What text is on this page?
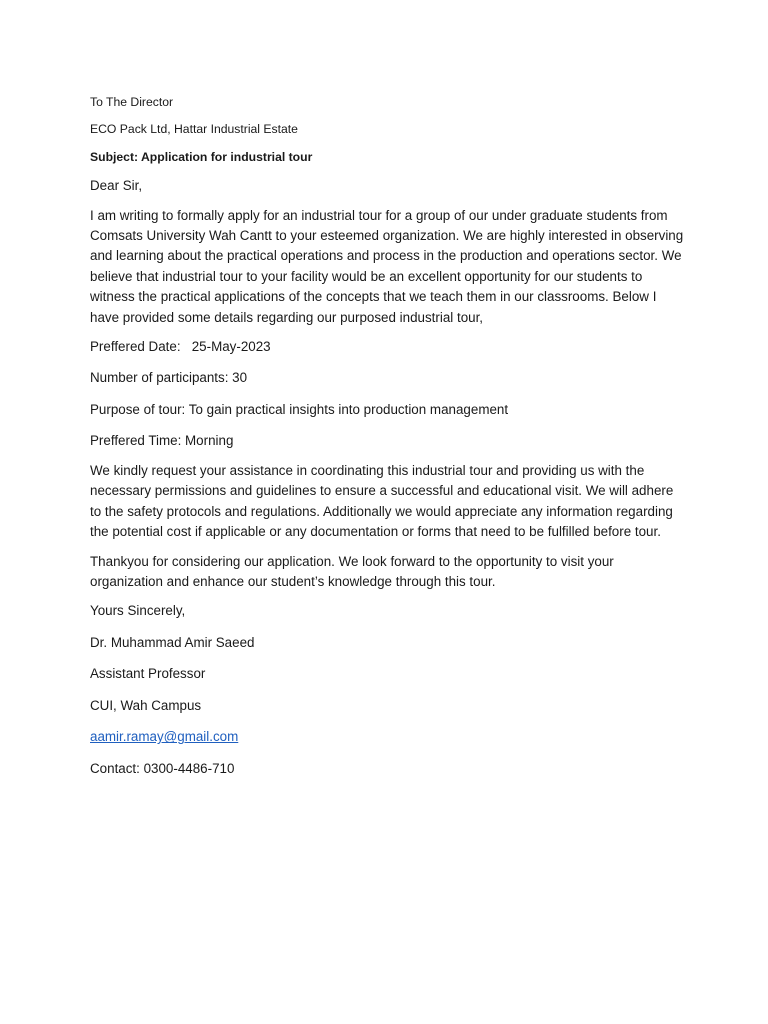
To The Director

ECO Pack Ltd, Hattar Industrial Estate

Subject: Application for industrial tour

Dear Sir,

I am writing to formally apply for an industrial tour for a group of our under graduate students from Comsats University Wah Cantt to your esteemed organization. We are highly interested in observing and learning about the practical operations and process in the production and operations sector. We believe that industrial tour to your facility would be an excellent opportunity for our students to witness the practical applications of the concepts that we teach them in our classrooms. Below I have provided some details regarding our purposed industrial tour,

Preffered Date:   25-May-2023

Number of participants: 30

Purpose of tour: To gain practical insights into production management

Preffered Time: Morning

We kindly request your assistance in coordinating this industrial tour and providing us with the necessary permissions and guidelines to ensure a successful and educational visit. We will adhere to the safety protocols and regulations. Additionally we would appreciate any information regarding the potential cost if applicable or any documentation or forms that need to be fulfilled before tour.

Thankyou for considering our application. We look forward to the opportunity to visit your organization and enhance our student’s knowledge through this tour.

Yours Sincerely,

Dr. Muhammad Amir Saeed

Assistant Professor

CUI, Wah Campus

aamir.ramay@gmail.com

Contact: 0300-4486-710
